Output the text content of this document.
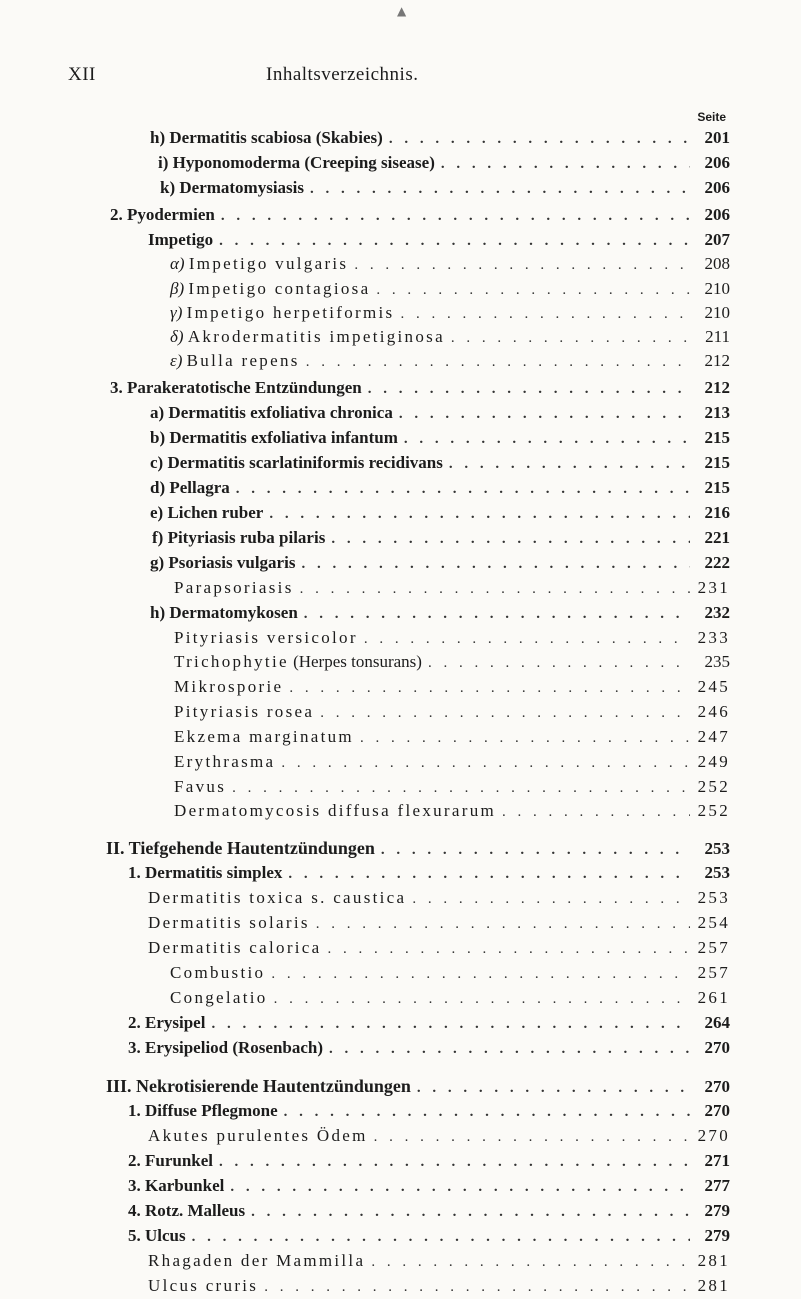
▲
XII	Inhaltsverzeichnis.
Seite
h) Dermatitis scabiosa (Skabies) . . .	201
i) Hyponomoderma (Creeping sisease) . . .	206
k) Dermatomysiasis . . .	206
2. Pyodermien . . .	206
Impetigo . . .	207
α) Impetigo vulgaris . . .	208
β) Impetigo contagiosa . . .	210
γ) Impetigo herpetiformis . . .	210
δ) Akrodermatitis impetiginosa . . .	211
ε) Bulla repens . . .	212
3. Parakeratotische Entzündungen . . .	212
a) Dermatitis exfoliativa chronica . . .	213
b) Dermatitis exfoliativa infantum . . .	215
c) Dermatitis scarlatiniformis recidivans . . .	215
d) Pellagra . . .	215
e) Lichen ruber . . .	216
f) Pityriasis ruba pilaris . . .	221
g) Psoriasis vulgaris . . .	222
Parapsoriasis . . .	231
h) Dermatomykosen . . .	232
Pityriasis versicolor . . .	233
Trichophytie (Herpes tonsurans) . . .	235
Mikrosporie . . .	245
Pityriasis rosea . . .	246
Ekzema marginatum . . .	247
Erythrasma . . .	249
Favus . . .	252
Dermatomycosis diffusa flexurarum . . .	252
II. Tiefgehende Hautentzündungen . . .	253
1. Dermatitis simplex . . .	253
Dermatitis toxica s. caustica . . .	253
Dermatitis solaris . . .	254
Dermatitis calorica . . .	257
Combustio . . .	257
Congelatio . . .	261
2. Erysipel . . .	264
3. Erysipeliod (Rosenbach) . . .	270
III. Nekrotisierende Hautentzündungen . . .	270
1. Diffuse Pflegmone . . .	270
Akutes purulentes Ödem . . .	270
2. Furunkel . . .	271
3. Karbunkel . . .	277
4. Rotz. Malleus . . .	279
5. Ulcus . . .	279
Rhagaden der Mammilla . . .	281
Ulcus cruris . . .	281
